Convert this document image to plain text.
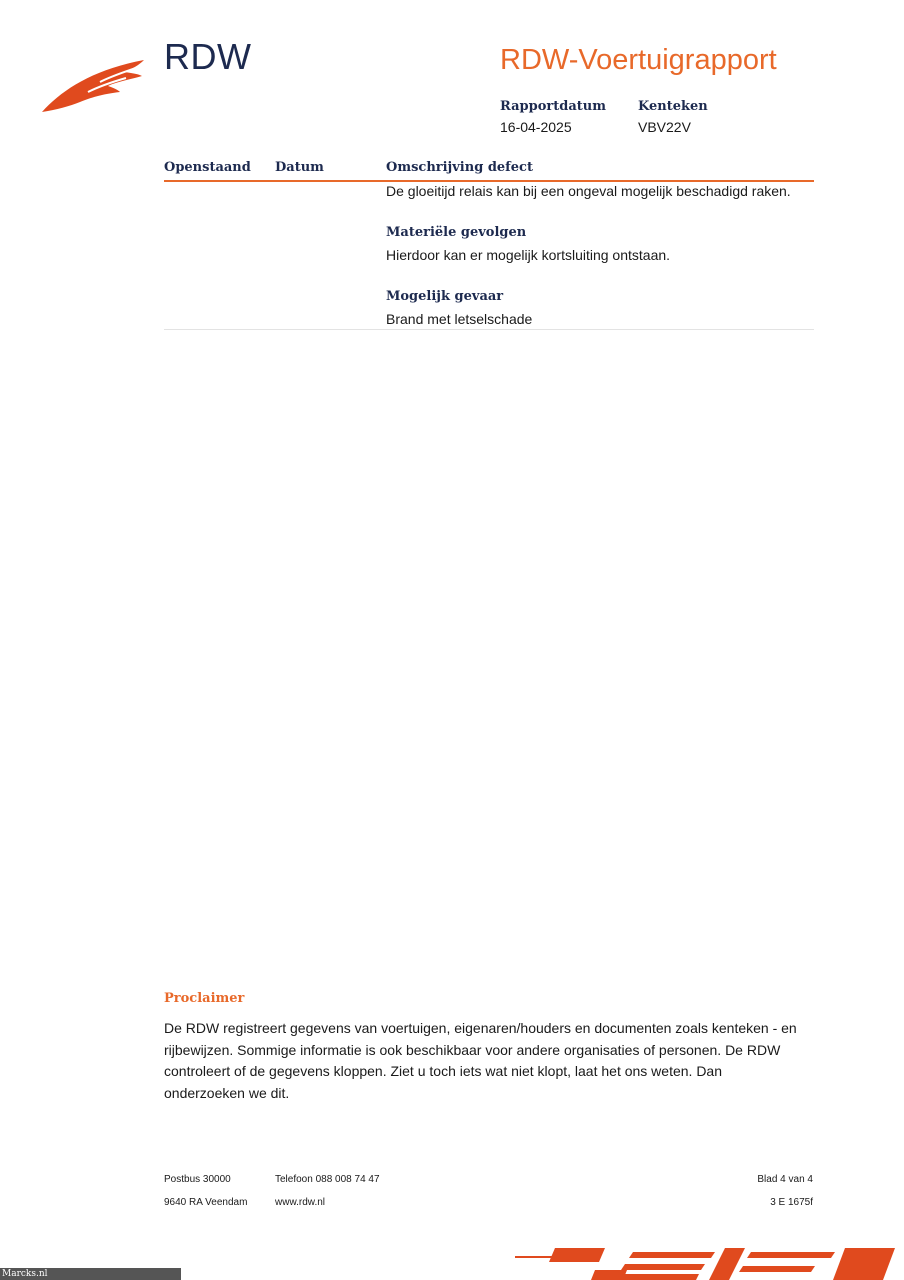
RDW	RDW-Voertuigrapport
Rapportdatum
16-04-2025
Kenteken
VBV22V
Openstaand Datum	Omschrijving defect
De gloeitijd relais kan bij een ongeval mogelijk beschadigd raken.
Materiële gevolgen
Hierdoor kan er mogelijk kortsluiting ontstaan.
Mogelijk gevaar
Brand met letselschade
Proclaimer
De RDW registreert gegevens van voertuigen, eigenaren/houders en documenten zoals kenteken - en rijbewijzen. Sommige informatie is ook beschikbaar voor andere organisaties of personen. De RDW controleert of de gegevens kloppen. Ziet u toch iets wat niet klopt, laat het ons weten. Dan onderzoeken we dit.
Postbus 30000
9640 RA Veendam
Telefoon 088 008 74 47
www.rdw.nl
Blad 4 van 4
3 E 1675f
Marcks.nl
